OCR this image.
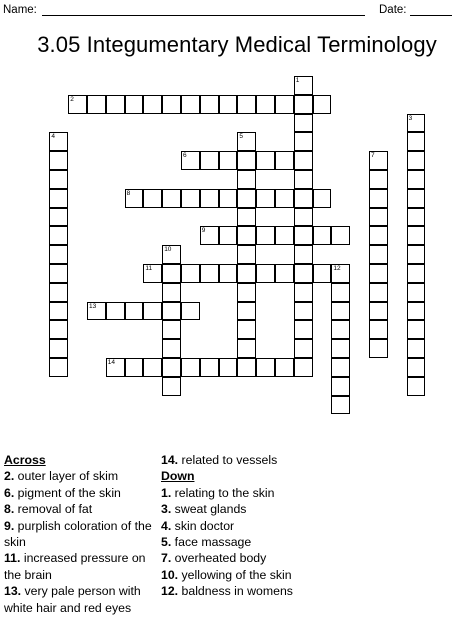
Name:	Date:
3.05 Integumentary Medical Terminology
1
2
3
4	5
6	7
8
9
10
11	12
13
14
Across
2. outer layer of skim
6. pigment of the skin
8. removal of fat
9. purplish coloration of the skin
11. increased pressure on the brain
13. very pale person with white hair and red eyes
14. related to vessels
Down
1. relating to the skin
3. sweat glands
4. skin doctor
5. face massage
7. overheated body
10. yellowing of the skin
12. baldness in womens
